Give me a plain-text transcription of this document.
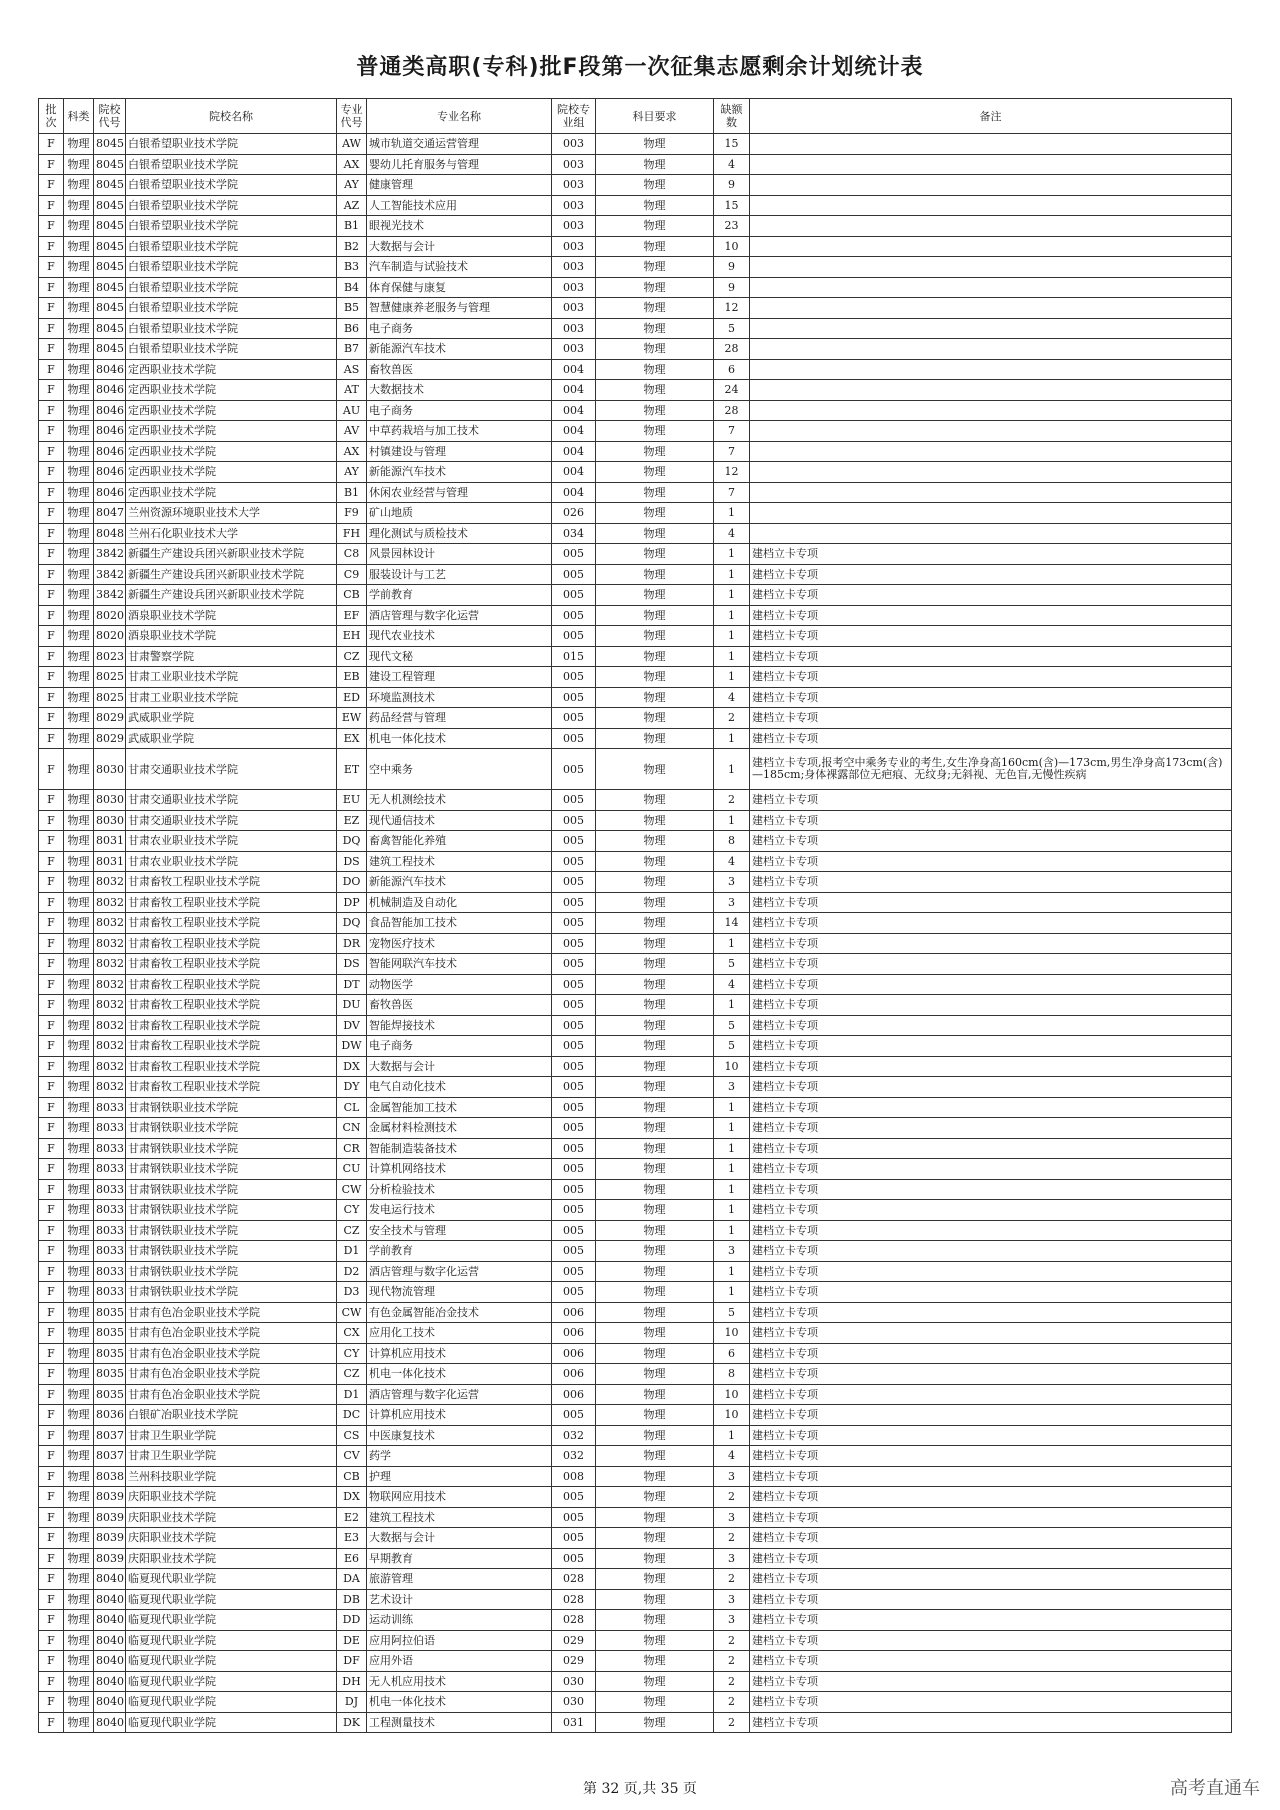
普通类高职(专科)批F段第一次征集志愿剩余计划统计表
批次	科类	院校代号	院校名称	专业代号	专业名称	院校专业组	科目要求	缺额数	备注
F	物理	8045	白银希望职业技术学院	AW	城市轨道交通运营管理	003	物理	15	
F	物理	8045	白银希望职业技术学院	AX	婴幼儿托育服务与管理	003	物理	4	
F	物理	8045	白银希望职业技术学院	AY	健康管理	003	物理	9	
F	物理	8045	白银希望职业技术学院	AZ	人工智能技术应用	003	物理	15	
F	物理	8045	白银希望职业技术学院	B1	眼视光技术	003	物理	23	
F	物理	8045	白银希望职业技术学院	B2	大数据与会计	003	物理	10	
F	物理	8045	白银希望职业技术学院	B3	汽车制造与试验技术	003	物理	9	
F	物理	8045	白银希望职业技术学院	B4	体育保健与康复	003	物理	9	
F	物理	8045	白银希望职业技术学院	B5	智慧健康养老服务与管理	003	物理	12	
F	物理	8045	白银希望职业技术学院	B6	电子商务	003	物理	5	
F	物理	8045	白银希望职业技术学院	B7	新能源汽车技术	003	物理	28	
F	物理	8046	定西职业技术学院	AS	畜牧兽医	004	物理	6	
F	物理	8046	定西职业技术学院	AT	大数据技术	004	物理	24	
F	物理	8046	定西职业技术学院	AU	电子商务	004	物理	28	
F	物理	8046	定西职业技术学院	AV	中草药栽培与加工技术	004	物理	7	
F	物理	8046	定西职业技术学院	AX	村镇建设与管理	004	物理	7	
F	物理	8046	定西职业技术学院	AY	新能源汽车技术	004	物理	12	
F	物理	8046	定西职业技术学院	B1	休闲农业经营与管理	004	物理	7	
F	物理	8047	兰州资源环境职业技术大学	F9	矿山地质	026	物理	1	
F	物理	8048	兰州石化职业技术大学	FH	理化测试与质检技术	034	物理	4	
F	物理	3842	新疆生产建设兵团兴新职业技术学院	C8	风景园林设计	005	物理	1	建档立卡专项
F	物理	3842	新疆生产建设兵团兴新职业技术学院	C9	服装设计与工艺	005	物理	1	建档立卡专项
F	物理	3842	新疆生产建设兵团兴新职业技术学院	CB	学前教育	005	物理	1	建档立卡专项
F	物理	8020	酒泉职业技术学院	EF	酒店管理与数字化运营	005	物理	1	建档立卡专项
F	物理	8020	酒泉职业技术学院	EH	现代农业技术	005	物理	1	建档立卡专项
F	物理	8023	甘肃警察学院	CZ	现代文秘	015	物理	1	建档立卡专项
F	物理	8025	甘肃工业职业技术学院	EB	建设工程管理	005	物理	1	建档立卡专项
F	物理	8025	甘肃工业职业技术学院	ED	环境监测技术	005	物理	4	建档立卡专项
F	物理	8029	武威职业学院	EW	药品经营与管理	005	物理	2	建档立卡专项
F	物理	8029	武威职业学院	EX	机电一体化技术	005	物理	1	建档立卡专项
F	物理	8030	甘肃交通职业技术学院	ET	空中乘务	005	物理	1	建档立卡专项,报考空中乘务专业的考生,女生净身高160cm(含)—173cm,男生净身高173cm(含)—185cm;身体裸露部位无疤痕、无纹身;无斜视、无色盲,无慢性疾病
F	物理	8030	甘肃交通职业技术学院	EU	无人机测绘技术	005	物理	2	建档立卡专项
F	物理	8030	甘肃交通职业技术学院	EZ	现代通信技术	005	物理	1	建档立卡专项
F	物理	8031	甘肃农业职业技术学院	DQ	畜禽智能化养殖	005	物理	8	建档立卡专项
F	物理	8031	甘肃农业职业技术学院	DS	建筑工程技术	005	物理	4	建档立卡专项
F	物理	8032	甘肃畜牧工程职业技术学院	DO	新能源汽车技术	005	物理	3	建档立卡专项
F	物理	8032	甘肃畜牧工程职业技术学院	DP	机械制造及自动化	005	物理	3	建档立卡专项
F	物理	8032	甘肃畜牧工程职业技术学院	DQ	食品智能加工技术	005	物理	14	建档立卡专项
F	物理	8032	甘肃畜牧工程职业技术学院	DR	宠物医疗技术	005	物理	1	建档立卡专项
F	物理	8032	甘肃畜牧工程职业技术学院	DS	智能网联汽车技术	005	物理	5	建档立卡专项
F	物理	8032	甘肃畜牧工程职业技术学院	DT	动物医学	005	物理	4	建档立卡专项
F	物理	8032	甘肃畜牧工程职业技术学院	DU	畜牧兽医	005	物理	1	建档立卡专项
F	物理	8032	甘肃畜牧工程职业技术学院	DV	智能焊接技术	005	物理	5	建档立卡专项
F	物理	8032	甘肃畜牧工程职业技术学院	DW	电子商务	005	物理	5	建档立卡专项
F	物理	8032	甘肃畜牧工程职业技术学院	DX	大数据与会计	005	物理	10	建档立卡专项
F	物理	8032	甘肃畜牧工程职业技术学院	DY	电气自动化技术	005	物理	3	建档立卡专项
F	物理	8033	甘肃钢铁职业技术学院	CL	金属智能加工技术	005	物理	1	建档立卡专项
F	物理	8033	甘肃钢铁职业技术学院	CN	金属材料检测技术	005	物理	1	建档立卡专项
F	物理	8033	甘肃钢铁职业技术学院	CR	智能制造装备技术	005	物理	1	建档立卡专项
F	物理	8033	甘肃钢铁职业技术学院	CU	计算机网络技术	005	物理	1	建档立卡专项
F	物理	8033	甘肃钢铁职业技术学院	CW	分析检验技术	005	物理	1	建档立卡专项
F	物理	8033	甘肃钢铁职业技术学院	CY	发电运行技术	005	物理	1	建档立卡专项
F	物理	8033	甘肃钢铁职业技术学院	CZ	安全技术与管理	005	物理	1	建档立卡专项
F	物理	8033	甘肃钢铁职业技术学院	D1	学前教育	005	物理	3	建档立卡专项
F	物理	8033	甘肃钢铁职业技术学院	D2	酒店管理与数字化运营	005	物理	1	建档立卡专项
F	物理	8033	甘肃钢铁职业技术学院	D3	现代物流管理	005	物理	1	建档立卡专项
F	物理	8035	甘肃有色冶金职业技术学院	CW	有色金属智能冶金技术	006	物理	5	建档立卡专项
F	物理	8035	甘肃有色冶金职业技术学院	CX	应用化工技术	006	物理	10	建档立卡专项
F	物理	8035	甘肃有色冶金职业技术学院	CY	计算机应用技术	006	物理	6	建档立卡专项
F	物理	8035	甘肃有色冶金职业技术学院	CZ	机电一体化技术	006	物理	8	建档立卡专项
F	物理	8035	甘肃有色冶金职业技术学院	D1	酒店管理与数字化运营	006	物理	10	建档立卡专项
F	物理	8036	白银矿冶职业技术学院	DC	计算机应用技术	005	物理	10	建档立卡专项
F	物理	8037	甘肃卫生职业学院	CS	中医康复技术	032	物理	1	建档立卡专项
F	物理	8037	甘肃卫生职业学院	CV	药学	032	物理	4	建档立卡专项
F	物理	8038	兰州科技职业学院	CB	护理	008	物理	3	建档立卡专项
F	物理	8039	庆阳职业技术学院	DX	物联网应用技术	005	物理	2	建档立卡专项
F	物理	8039	庆阳职业技术学院	E2	建筑工程技术	005	物理	3	建档立卡专项
F	物理	8039	庆阳职业技术学院	E3	大数据与会计	005	物理	2	建档立卡专项
F	物理	8039	庆阳职业技术学院	E6	早期教育	005	物理	3	建档立卡专项
F	物理	8040	临夏现代职业学院	DA	旅游管理	028	物理	2	建档立卡专项
F	物理	8040	临夏现代职业学院	DB	艺术设计	028	物理	3	建档立卡专项
F	物理	8040	临夏现代职业学院	DD	运动训练	028	物理	3	建档立卡专项
F	物理	8040	临夏现代职业学院	DE	应用阿拉伯语	029	物理	2	建档立卡专项
F	物理	8040	临夏现代职业学院	DF	应用外语	029	物理	2	建档立卡专项
F	物理	8040	临夏现代职业学院	DH	无人机应用技术	030	物理	2	建档立卡专项
F	物理	8040	临夏现代职业学院	DJ	机电一体化技术	030	物理	2	建档立卡专项
F	物理	8040	临夏现代职业学院	DK	工程测量技术	031	物理	2	建档立卡专项
第 32 页,共 35 页	高考直通车
